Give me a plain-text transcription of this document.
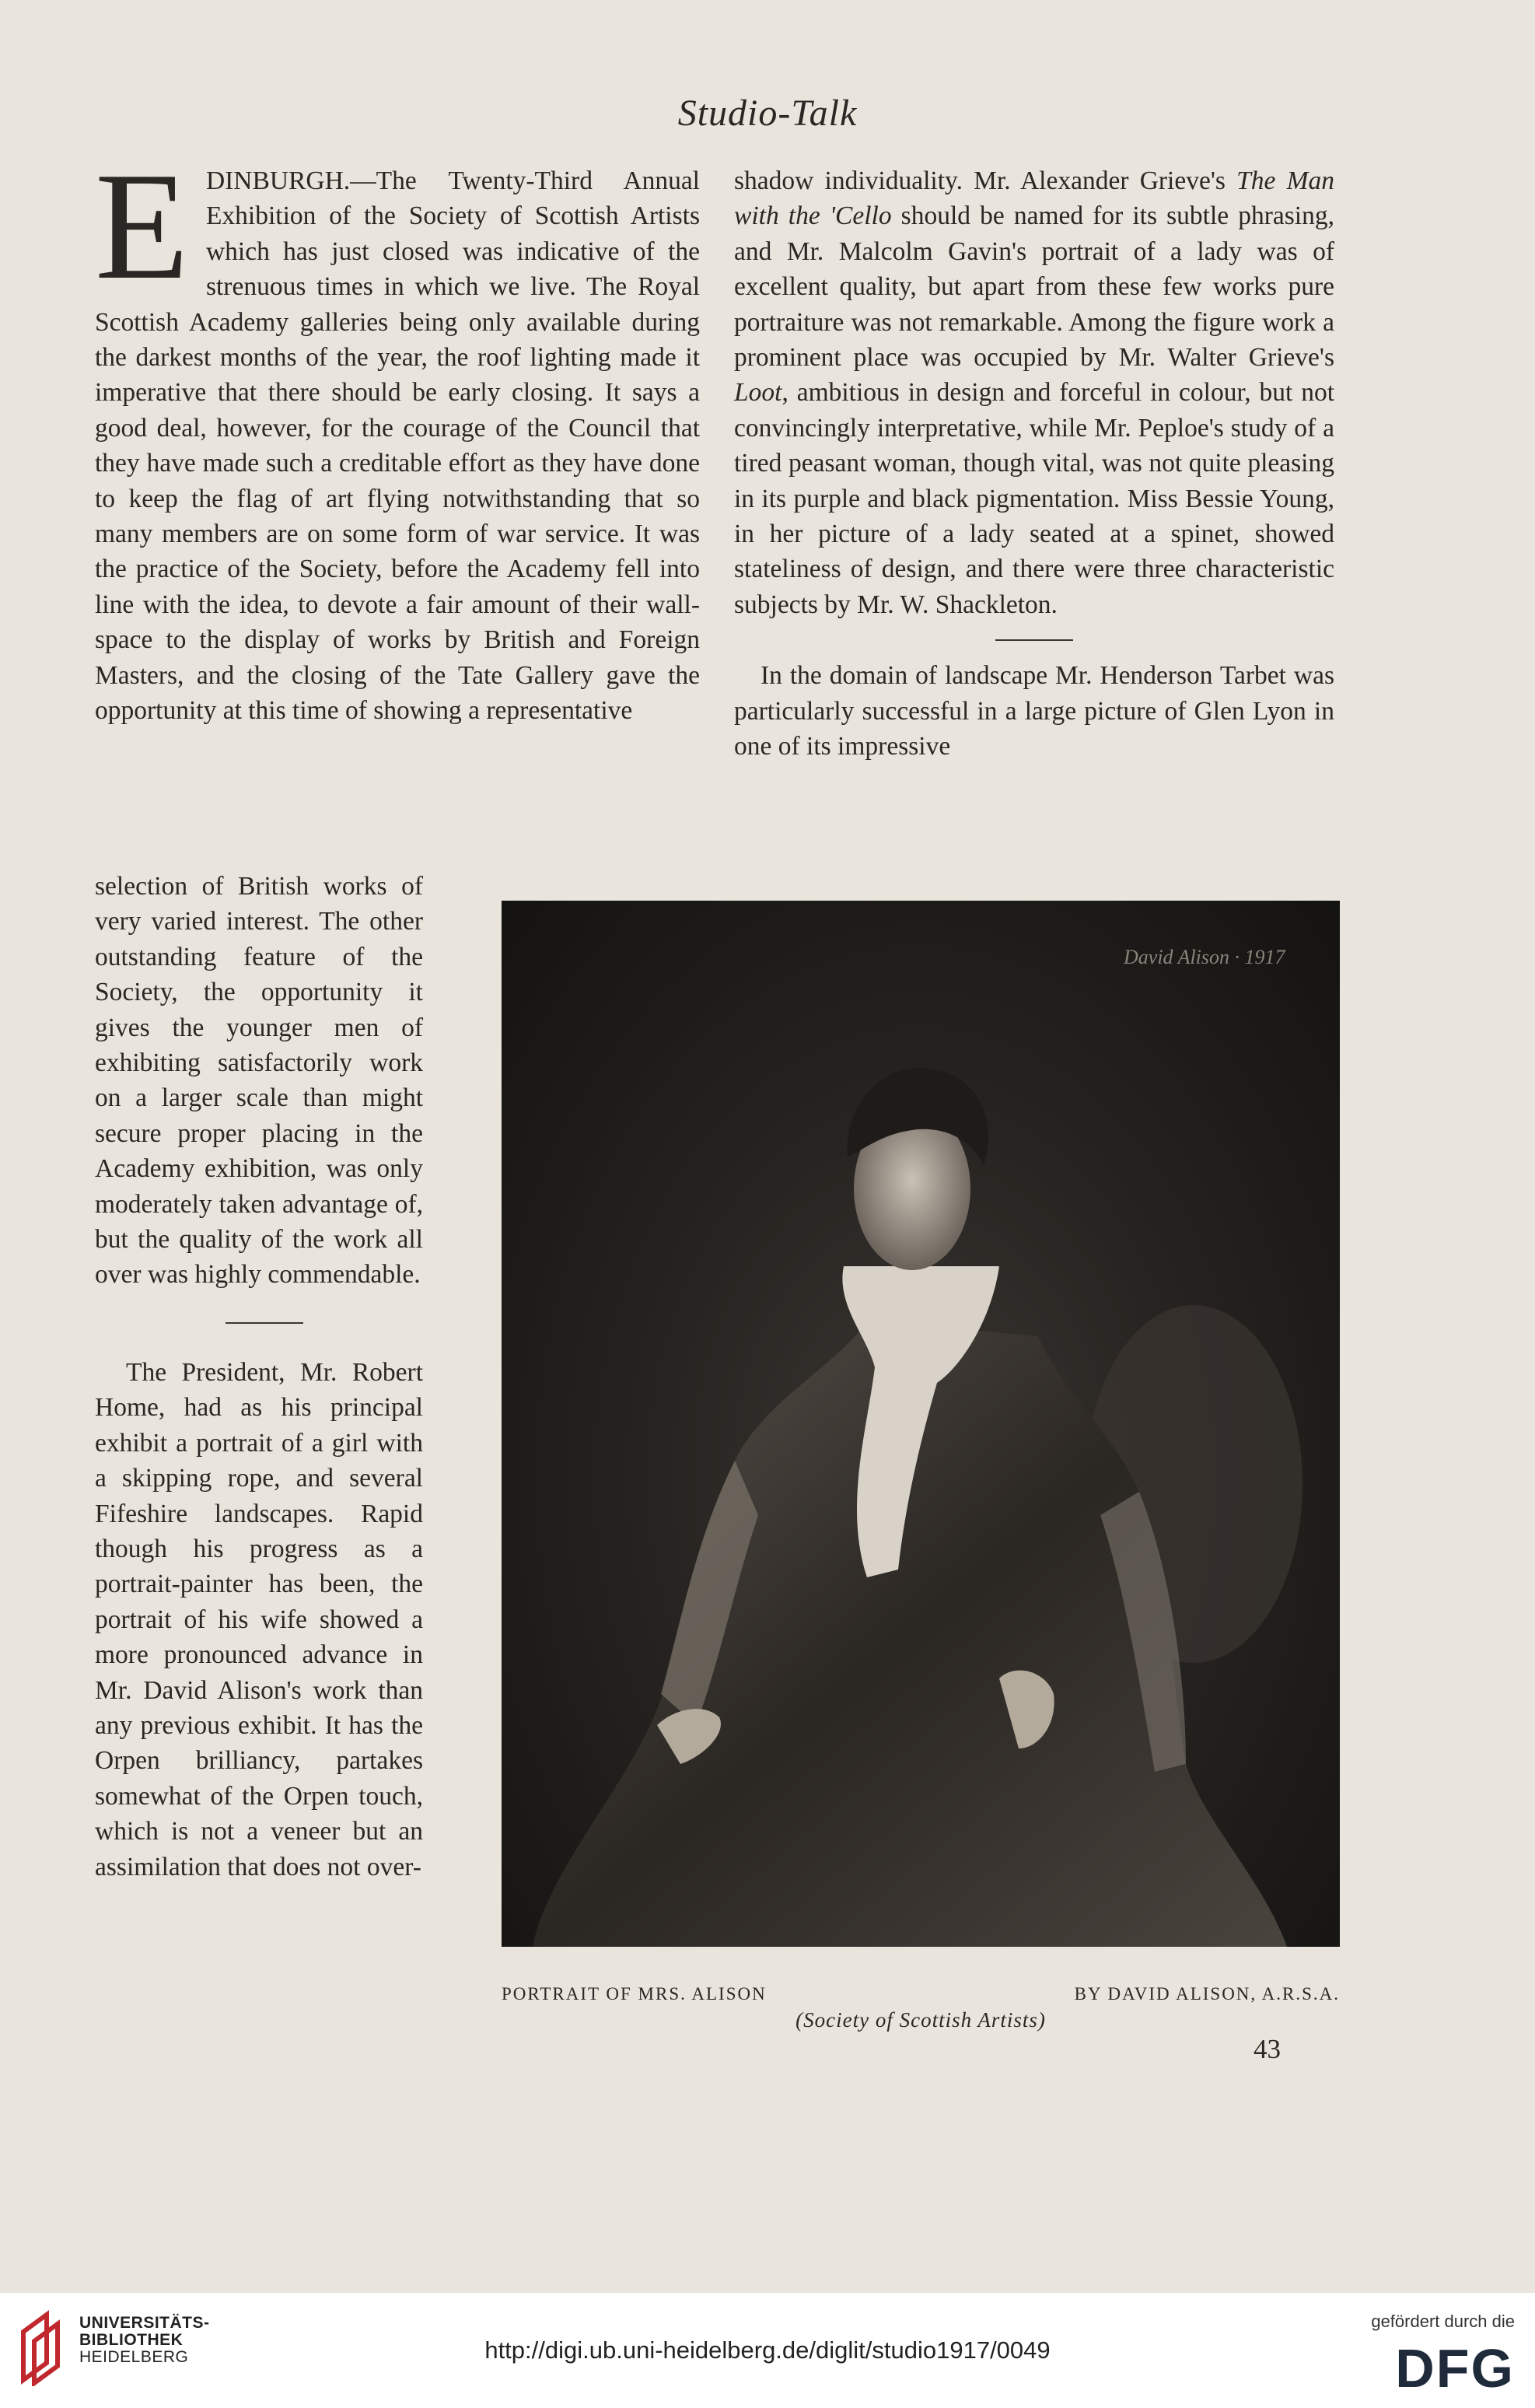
Studio-Talk

EDINBURGH.—The Twenty-Third Annual Exhibition of the Society of Scottish Artists which has just closed was indicative of the strenuous times in which we live. The Royal Scottish Academy galleries being only available during the darkest months of the year, the roof lighting made it imperative that there should be early closing. It says a good deal, however, for the courage of the Council that they have made such a creditable effort as they have done to keep the flag of art flying notwithstanding that so many members are on some form of war service. It was the practice of the Society, before the Academy fell into line with the idea, to devote a fair amount of their wall-space to the display of works by British and Foreign Masters, and the closing of the Tate Gallery gave the opportunity at this time of showing a representative

selection of British works of very varied interest. The other outstanding feature of the Society, the opportunity it gives the younger men of exhibiting satisfactorily work on a larger scale than might secure proper placing in the Academy exhibition, was only moderately taken advantage of, but the quality of the work all over was highly commendable.

The President, Mr. Robert Home, had as his principal exhibit a portrait of a girl with a skipping rope, and several Fifeshire landscapes. Rapid though his progress as a portrait-painter has been, the portrait of his wife showed a more pronounced advance in Mr. David Alison's work than any previous exhibit. It has the Orpen brilliancy, partakes somewhat of the Orpen touch, which is not a veneer but an assimilation that does not over-

shadow individuality. Mr. Alexander Grieve's The Man with the 'Cello should be named for its subtle phrasing, and Mr. Malcolm Gavin's portrait of a lady was of excellent quality, but apart from these few works pure portraiture was not remarkable. Among the figure work a prominent place was occupied by Mr. Walter Grieve's Loot, ambitious in design and forceful in colour, but not convincingly interpretative, while Mr. Peploe's study of a tired peasant woman, though vital, was not quite pleasing in its purple and black pigmentation. Miss Bessie Young, in her picture of a lady seated at a spinet, showed stateliness of design, and there were three characteristic subjects by Mr. W. Shackleton.

In the domain of landscape Mr. Henderson Tarbet was particularly successful in a large picture of Glen Lyon in one of its impressive

David Alison · 1917
PORTRAIT OF MRS. ALISON	BY DAVID ALISON, A.R.S.A.
(Society of Scottish Artists)
43
UNIVERSITÄTS-
BIBLIOTHEK
HEIDELBERG	http://digi.ub.uni-heidelberg.de/diglit/studio1917/0049
gefördert durch die
DFG
